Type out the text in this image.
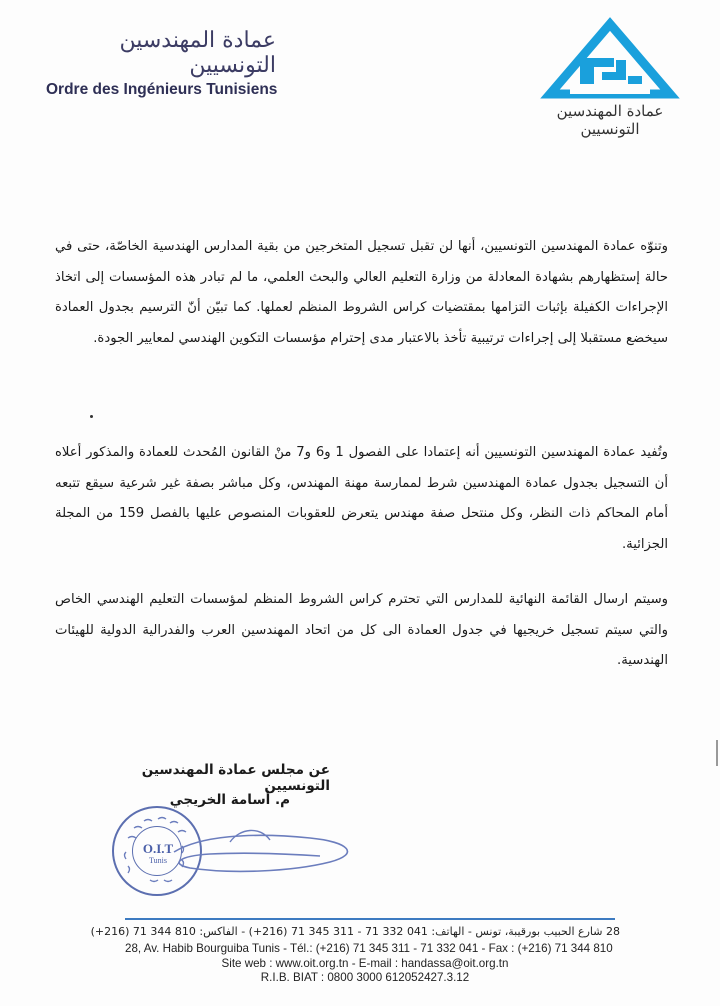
عمادة المهندسين التونسيين
Ordre des Ingénieurs Tunisiens
عمادة المهندسين التونسيين

وتنوّه عمادة المهندسين التونسيين، أنها لن تقبل تسجيل المتخرجين من بقية المدارس الهندسية الخاصّة، حتى في حالة إستظهارهم بشهادة المعادلة من وزارة التعليم العالي والبحث العلمي، ما لم تبادر هذه المؤسسات إلى اتخاذ الإجراءات الكفيلة بإثبات التزامها بمقتضيات كراس الشروط المنظم لعملها. كما تبيّن أنّ الترسيم بجدول العمادة سيخضع مستقبلا إلى إجراءات ترتيبية تأخذ بالاعتبار مدى إحترام مؤسسات التكوين الهندسي لمعايير الجودة.

وتُفيد عمادة المهندسين التونسيين أنه إعتمادا على الفصول 1 و6 و7 منْ القانون المُحدث للعمادة والمذكور أعلاه أن التسجيل بجدول عمادة المهندسين شرط لممارسة مهنة المهندس، وكل مباشر بصفة غير شرعية سيقع تتبعه أمام المحاكم ذات النظر، وكل منتحل صفة مهندس يتعرض للعقوبات المنصوص عليها بالفصل 159 من المجلة الجزائية.

وسيتم ارسال القائمة النهائية للمدارس التي تحترم كراس الشروط المنظم لمؤسسات التعليم الهندسي الخاص والتي سيتم تسجيل خريجيها في جدول العمادة الى كل من اتحاد المهندسين العرب والفدرالية الدولية للهيئات الهندسية.

عن مجلس عمادة المهندسين التونسيين
م. أسامة الخريجي
O.I.T
Tunis
28 شارع الحبيب بورقيبة، تونس - الهاتف: 041 332 71 - 311 345 71 (216+) - الفاكس: 810 344 71 (216+)
28, Av. Habib Bourguiba Tunis - Tél.: (+216) 71 345 311 - 71 332 041 - Fax : (+216) 71 344 810
Site web : www.oit.org.tn - E-mail : handassa@oit.org.tn
R.I.B. BIAT : 0800 3000 612052427.3.12
